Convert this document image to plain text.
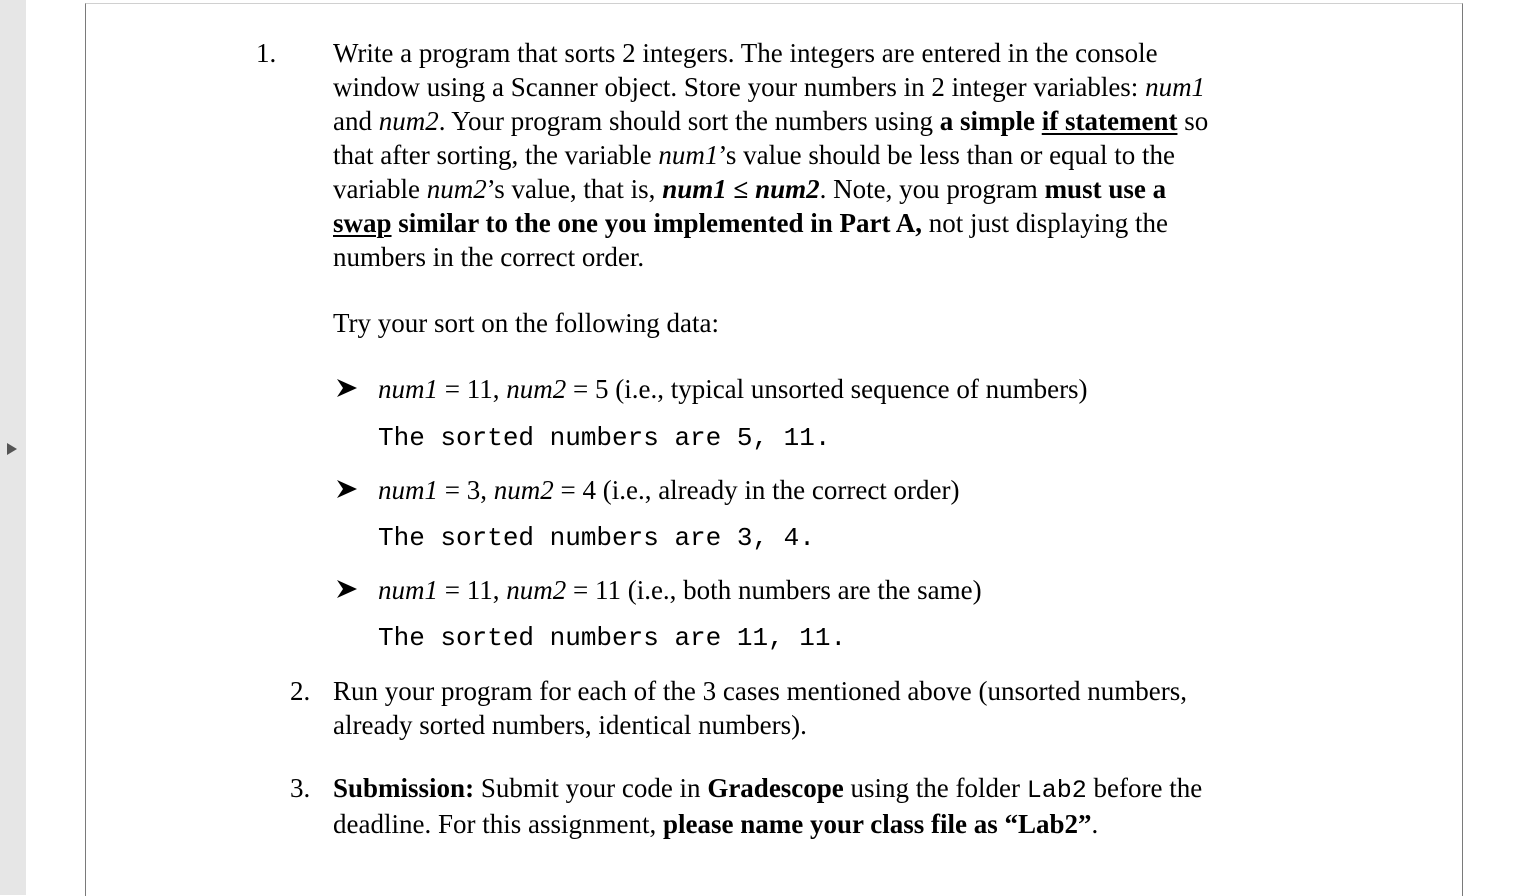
1. Write a program that sorts 2 integers. The integers are entered in the console
window using a Scanner object. Store your numbers in 2 integer variables: num1
and num2. Your program should sort the numbers using a simple if statement so
that after sorting, the variable num1’s value should be less than or equal to the
variable num2’s value, that is, num1 ≤ num2. Note, you program must use a
swap similar to the one you implemented in Part A, not just displaying the
numbers in the correct order.
Try your sort on the following data:
num1 = 11, num2 = 5 (i.e., typical unsorted sequence of numbers)
The sorted numbers are 5, 11.
num1 = 3, num2 = 4 (i.e., already in the correct order)
The sorted numbers are 3, 4.
num1 = 11, num2 = 11 (i.e., both numbers are the same)
The sorted numbers are 11, 11.
2. Run your program for each of the 3 cases mentioned above (unsorted numbers,
already sorted numbers, identical numbers).
3. Submission: Submit your code in Gradescope using the folder Lab2 before the
deadline. For this assignment, please name your class file as “Lab2”.
